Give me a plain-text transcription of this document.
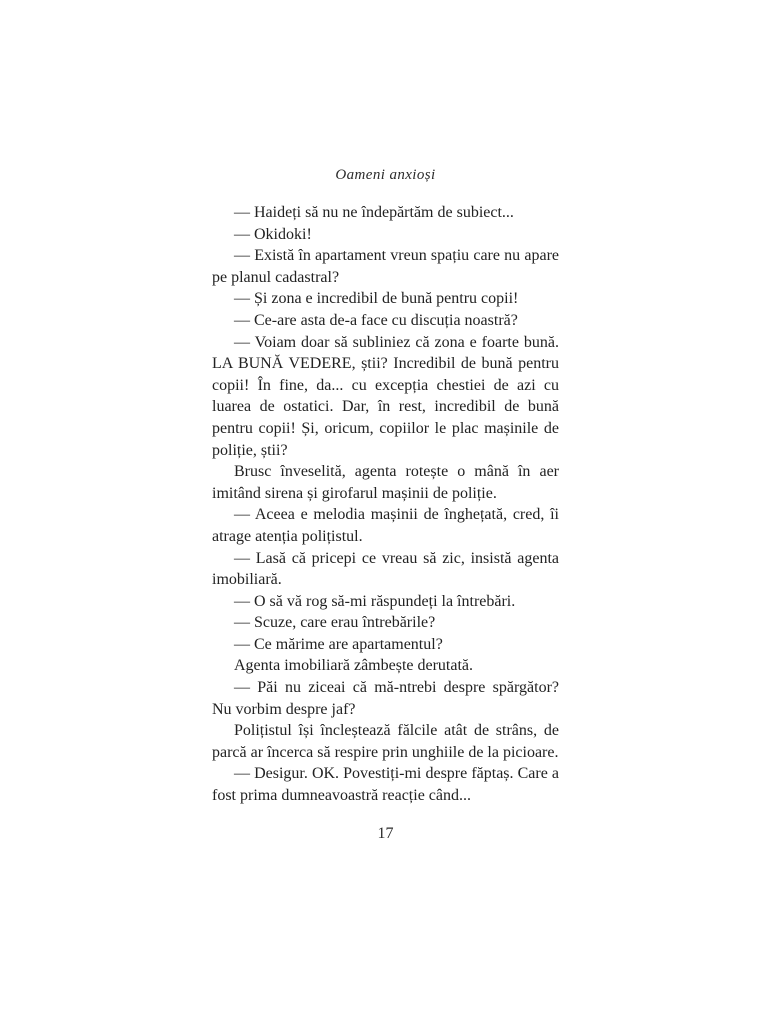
Oameni anxioși

— Haideți să nu ne îndepărtăm de subiect...

— Okidoki!

— Există în apartament vreun spațiu care nu apare pe planul cadastral?

— Și zona e incredibil de bună pentru copii!

— Ce-are asta de-a face cu discuția noastră?

— Voiam doar să subliniez că zona e foarte bună. LA BUNĂ VEDERE, știi? Incredibil de bună pentru copii! În fine, da... cu excepția chestiei de azi cu luarea de ostatici. Dar, în rest, incredibil de bună pentru copii! Și, oricum, copiilor le plac mașinile de poliție, știi?

Brusc înveselită, agenta rotește o mână în aer imitând sirena și girofarul mașinii de poliție.

— Aceea e melodia mașinii de înghețată, cred, îi atrage atenția polițistul.

— Lasă că pricepi ce vreau să zic, insistă agenta imobiliară.

— O să vă rog să-mi răspundeți la întrebări.

— Scuze, care erau întrebările?

— Ce mărime are apartamentul?

Agenta imobiliară zâmbește derutată.

— Păi nu ziceai că mă-ntrebi despre spărgător? Nu vorbim despre jaf?

Polițistul își încleștează fălcile atât de strâns, de parcă ar încerca să respire prin unghiile de la picioare.

— Desigur. OK. Povestiți-mi despre făptaș. Care a fost prima dumneavoastră reacție când...

17
